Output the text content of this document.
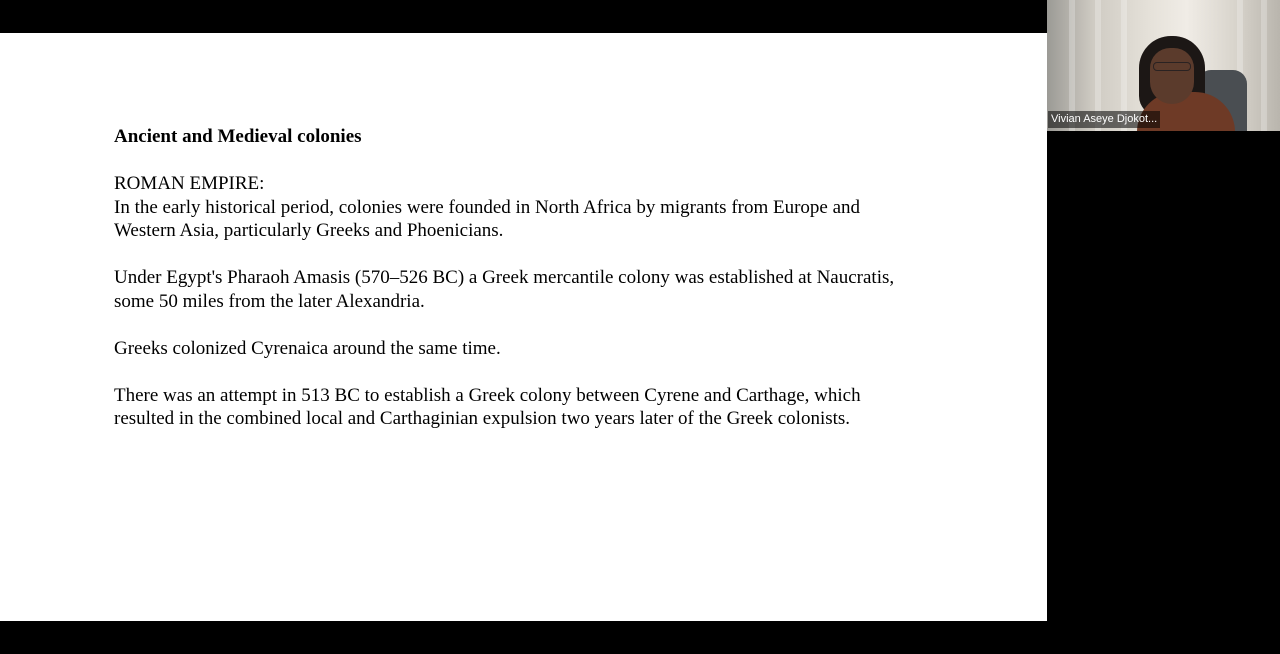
Ancient and Medieval colonies

ROMAN EMPIRE:

In the early historical period, colonies were founded in North Africa by migrants from Europe and

Western Asia, particularly Greeks and Phoenicians.

Under Egypt's Pharaoh Amasis (570–526 BC) a Greek mercantile colony was established at Naucratis,

some 50 miles from the later Alexandria.

Greeks colonized Cyrenaica around the same time.

There was an attempt in 513 BC to establish a Greek colony between Cyrene and Carthage, which

resulted in the combined local and Carthaginian expulsion two years later of the Greek colonists.

Vivian Aseye Djokot...
